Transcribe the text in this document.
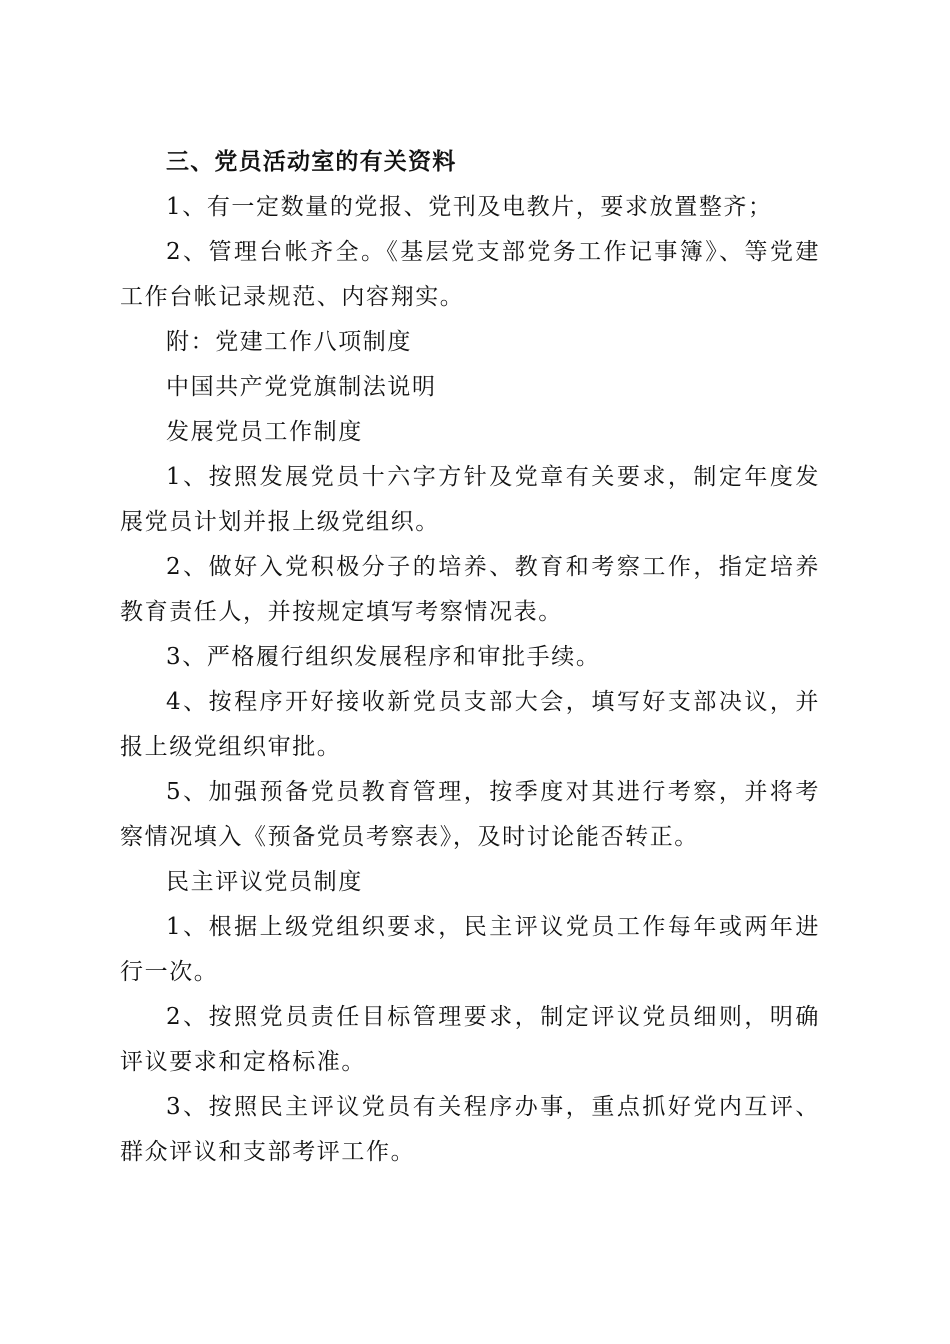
三、党员活动室的有关资料

1、有一定数量的党报、党刊及电教片，要求放置整齐；

2、管理台帐齐全。《基层党支部党务工作记事簿》、等党建工作台帐记录规范、内容翔实。

附：党建工作八项制度

中国共产党党旗制法说明

发展党员工作制度

1、按照发展党员十六字方针及党章有关要求，制定年度发展党员计划并报上级党组织。

2、做好入党积极分子的培养、教育和考察工作，指定培养教育责任人，并按规定填写考察情况表。

3、严格履行组织发展程序和审批手续。

4、按程序开好接收新党员支部大会，填写好支部决议，并报上级党组织审批。

5、加强预备党员教育管理，按季度对其进行考察，并将考察情况填入《预备党员考察表》，及时讨论能否转正。

民主评议党员制度

1、根据上级党组织要求，民主评议党员工作每年或两年进行一次。

2、按照党员责任目标管理要求，制定评议党员细则，明确评议要求和定格标准。

3、按照民主评议党员有关程序办事，重点抓好党内互评、群众评议和支部考评工作。
